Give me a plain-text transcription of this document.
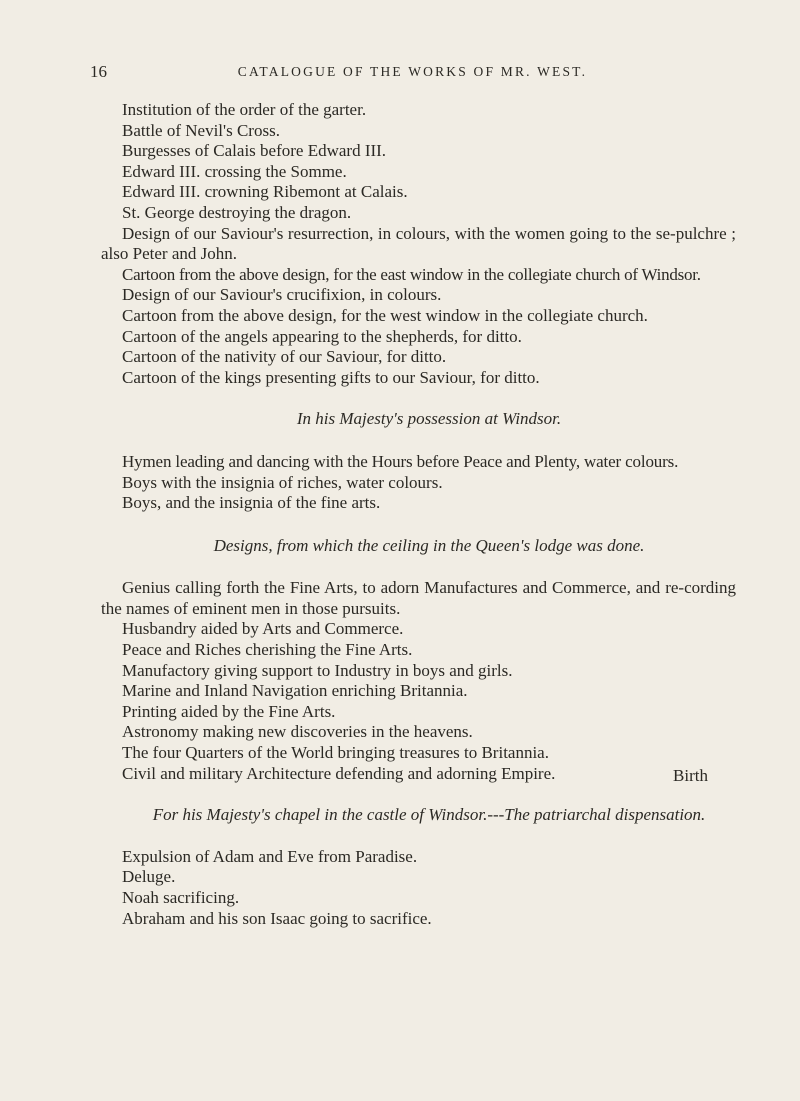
16	CATALOGUE OF THE WORKS OF MR. WEST.

Institution of the order of the garter.

Battle of Nevil's Cross.

Burgesses of Calais before Edward III.

Edward III. crossing the Somme.

Edward III. crowning Ribemont at Calais.

St. George destroying the dragon.

Design of our Saviour's resurrection, in colours, with the women going to the se-pulchre ; also Peter and John.

Cartoon from the above design, for the east window in the collegiate church of Windsor.

Design of our Saviour's crucifixion, in colours.

Cartoon from the above design, for the west window in the collegiate church.

Cartoon of the angels appearing to the shepherds, for ditto.

Cartoon of the nativity of our Saviour, for ditto.

Cartoon of the kings presenting gifts to our Saviour, for ditto.

In his Majesty's possession at Windsor.

Hymen leading and dancing with the Hours before Peace and Plenty, water colours.

Boys with the insignia of riches, water colours.

Boys, and the insignia of the fine arts.

Designs, from which the ceiling in the Queen's lodge was done.

Genius calling forth the Fine Arts, to adorn Manufactures and Commerce, and re-cording the names of eminent men in those pursuits.

Husbandry aided by Arts and Commerce.

Peace and Riches cherishing the Fine Arts.

Manufactory giving support to Industry in boys and girls.

Marine and Inland Navigation enriching Britannia.

Printing aided by the Fine Arts.

Astronomy making new discoveries in the heavens.

The four Quarters of the World bringing treasures to Britannia.

Civil and military Architecture defending and adorning Empire.

For his Majesty's chapel in the castle of Windsor.---The patriarchal dispensation.

Expulsion of Adam and Eve from Paradise.

Deluge.

Noah sacrificing.

Abraham and his son Isaac going to sacrifice.

Birth
